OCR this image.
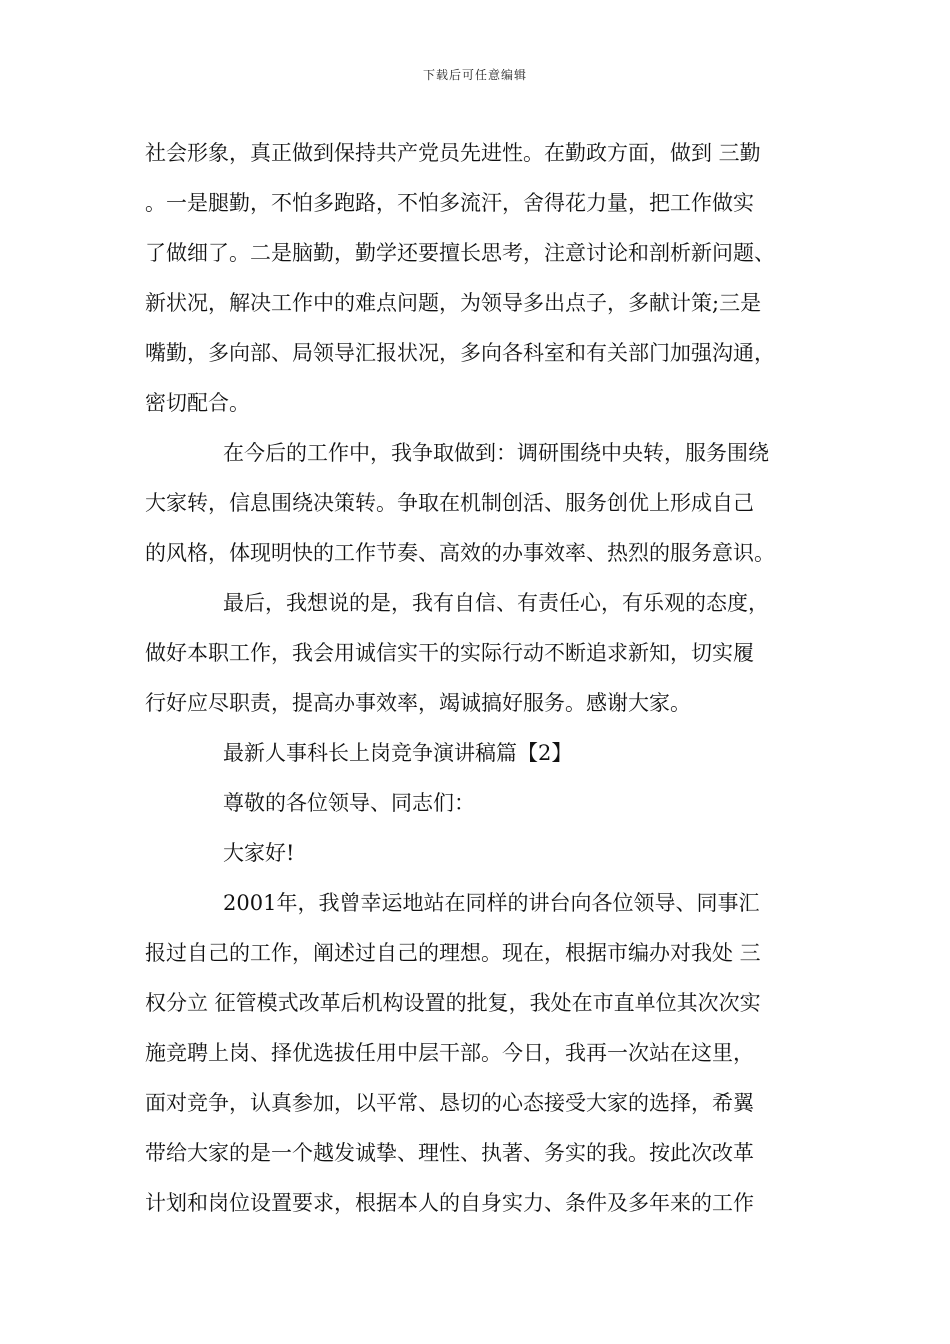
下载后可任意编辑
社会形象，真正做到保持共产党员先进性。在勤政方面，做到 三勤
。一是腿勤，不怕多跑路，不怕多流汗，舍得花力量，把工作做实
了做细了。二是脑勤，勤学还要擅长思考，注意讨论和剖析新问题、
新状况，解决工作中的难点问题，为领导多出点子，多献计策;三是
嘴勤，多向部、局领导汇报状况，多向各科室和有关部门加强沟通，
密切配合。
在今后的工作中，我争取做到：调研围绕中央转，服务围绕
大家转，信息围绕决策转。争取在机制创活、服务创优上形成自己
的风格，体现明快的工作节奏、高效的办事效率、热烈的服务意识。
最后，我想说的是，我有自信、有责任心，有乐观的态度，
做好本职工作，我会用诚信实干的实际行动不断追求新知，切实履
行好应尽职责，提高办事效率，竭诚搞好服务。感谢大家。
最新人事科长上岗竞争演讲稿篇【2】
尊敬的各位领导、同志们：
大家好!
2001年，我曾幸运地站在同样的讲台向各位领导、同事汇
报过自己的工作，阐述过自己的理想。现在，根据市编办对我处 三
权分立 征管模式改革后机构设置的批复，我处在市直单位其次次实
施竞聘上岗、择优选拔任用中层干部。今日，我再一次站在这里，
面对竞争，认真参加，以平常、恳切的心态接受大家的选择，希翼
带给大家的是一个越发诚挚、理性、执著、务实的我。按此次改革
计划和岗位设置要求，根据本人的自身实力、条件及多年来的工作
